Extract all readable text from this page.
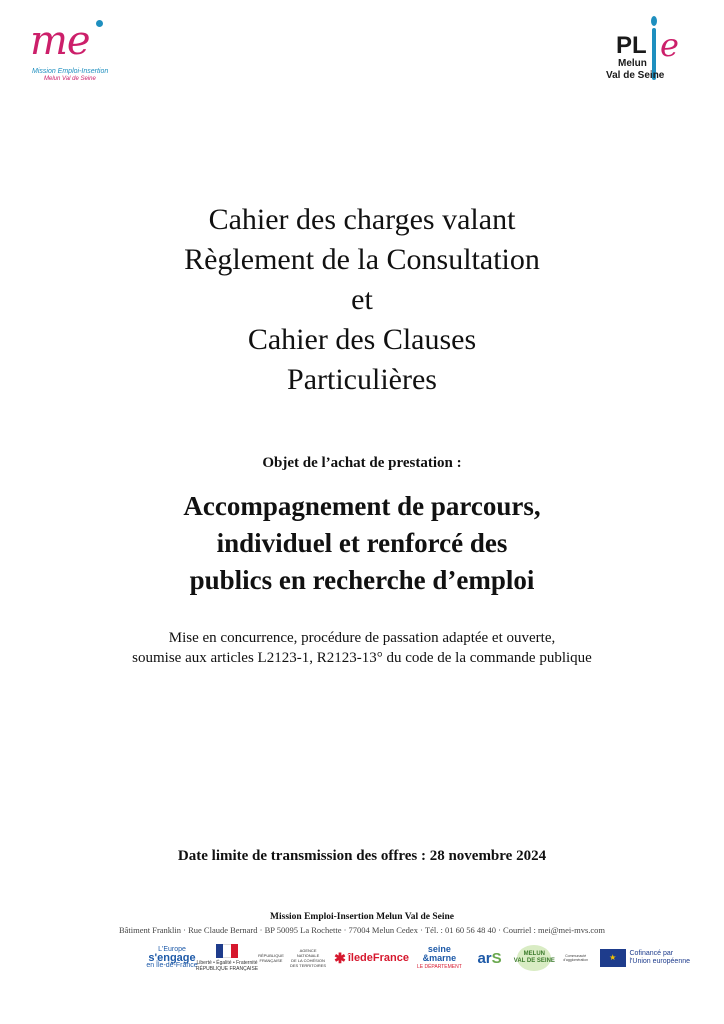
me
Mission Emploi-Insertion
Melun Val de Seine
PL e
Melun
Val de Seine
Cahier des charges valant
Règlement de la Consultation
et
Cahier des Clauses
Particulières
Objet de l’achat de prestation :
Accompagnement de parcours,
individuel et renforcé des
publics en recherche d’emploi
Mise en concurrence, procédure de passation adaptée et ouverte,
soumise aux articles L2123-1, R2123-13° du code de la commande publique
Date limite de transmission des offres : 28 novembre 2024
Mission Emploi-Insertion Melun Val de Seine
Bâtiment Franklin · Rue Claude Bernard · BP 50095 La Rochette · 77004 Melun Cedex · Tél. : 01 60 56 48 40 · Courriel : mei@mei-mvs.com
L'Europe
s'engage
en Île-de-France
Liberté • Égalité • Fraternité
RÉPUBLIQUE FRANÇAISE
RÉPUBLIQUE
FRANÇAISE
AGENCE
NATIONALE
DE LA COHÉSION
DES TERRITOIRES ✱ îledeFrance
seine
&marne
LE DÉPARTEMENT ar S	MELUN
VAL DE SEINE
Communauté
d'agglomération	★	Cofinancé par
l'Union européenne
